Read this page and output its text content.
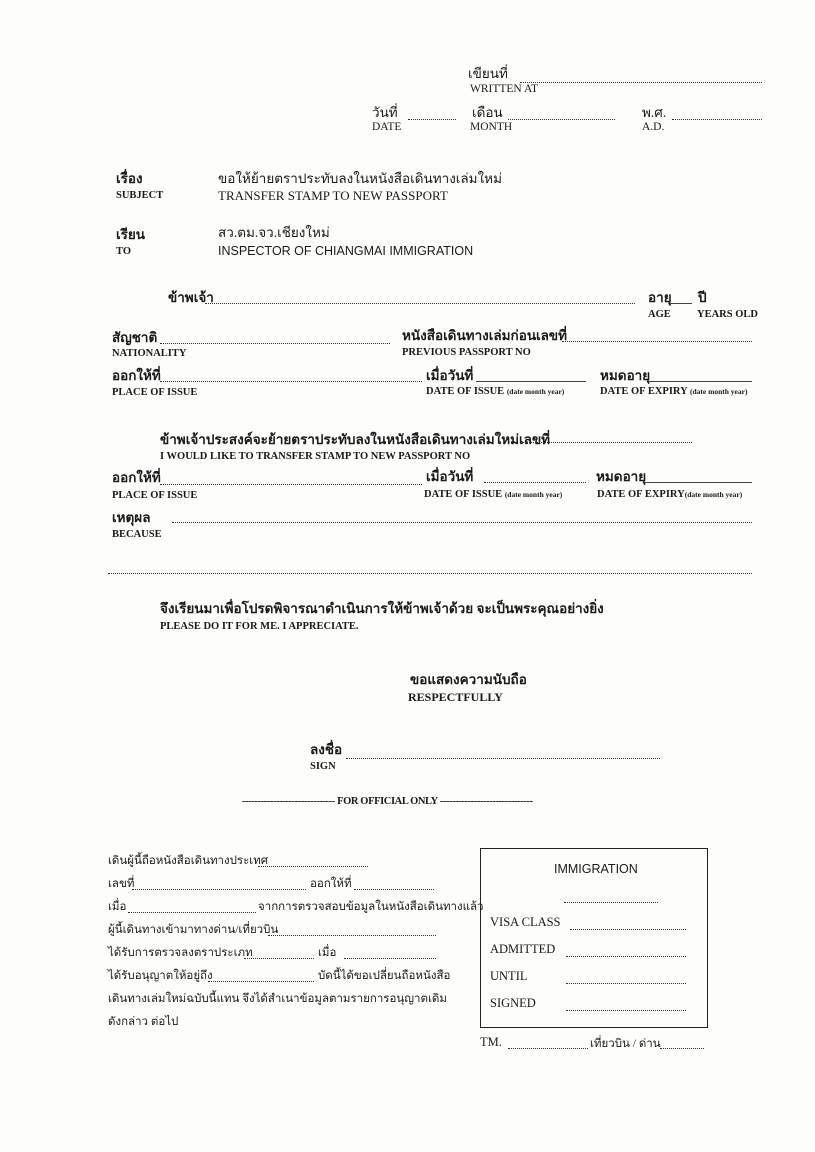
เขียนที่
WRITTEN AT
วันที่	เดือน	พ.ศ.
DATE	MONTH	A.D.
เรื่อง	ขอให้ย้ายตราประทับลงในหนังสือเดินทางเล่มใหม่
SUBJECT	TRANSFER STAMP TO NEW PASSPORT
เรียน	สว.ตม.จว.เชียงใหม่
TO	INSPECTOR OF CHIANGMAI IMMIGRATION
ข้าพเจ้า	อายุ ปี
AGE YEARS OLD
สัญชาติ	หนังสือเดินทางเล่มก่อนเลขที่
NATIONALITY	PREVIOUS PASSPORT NO
ออกให้ที่	เมื่อวันที่	หมดอายุ
PLACE OF ISSUE	DATE OF ISSUE (date month year)	DATE OF EXPIRY (date month year)
ข้าพเจ้าประสงค์จะย้ายตราประทับลงในหนังสือเดินทางเล่มใหม่เลขที่
I WOULD LIKE TO TRANSFER STAMP TO NEW PASSPORT NO
ออกให้ที่	เมื่อวันที่	หมดอายุ
PLACE OF ISSUE	DATE OF ISSUE (date month year)	DATE OF EXPIRY(date month year)
เหตุผล
BECAUSE
จึงเรียนมาเพื่อโปรดพิจารณาดำเนินการให้ข้าพเจ้าด้วย จะเป็นพระคุณอย่างยิ่ง
PLEASE DO IT FOR ME. I APPRECIATE.
ขอแสดงความนับถือ
RESPECTFULLY
ลงชื่อ
SIGN
------------------------------ FOR OFFICIAL ONLY ------------------------------
เดินผู้นี้ถือหนังสือเดินทางประเทศ
เลขที่	ออกให้ที่
เมื่อ	จากการตรวจสอบข้อมูลในหนังสือเดินทางแล้ว
ผู้นี้เดินทางเข้ามาทางด่าน/เที่ยวบิน
ได้รับการตรวจลงตราประเภท	เมื่อ
ได้รับอนุญาตให้อยู่ถึง	บัดนี้ได้ขอเปลี่ยนถือหนังสือ
เดินทางเล่มใหม่ฉบับนี้แทน จึงได้สำเนาข้อมูลตามรายการอนุญาตเดิม
ดังกล่าว ต่อไป
IMMIGRATION
VISA CLASS
ADMITTED
UNTIL
SIGNED
TM.	เที่ยวบิน / ด่าน
